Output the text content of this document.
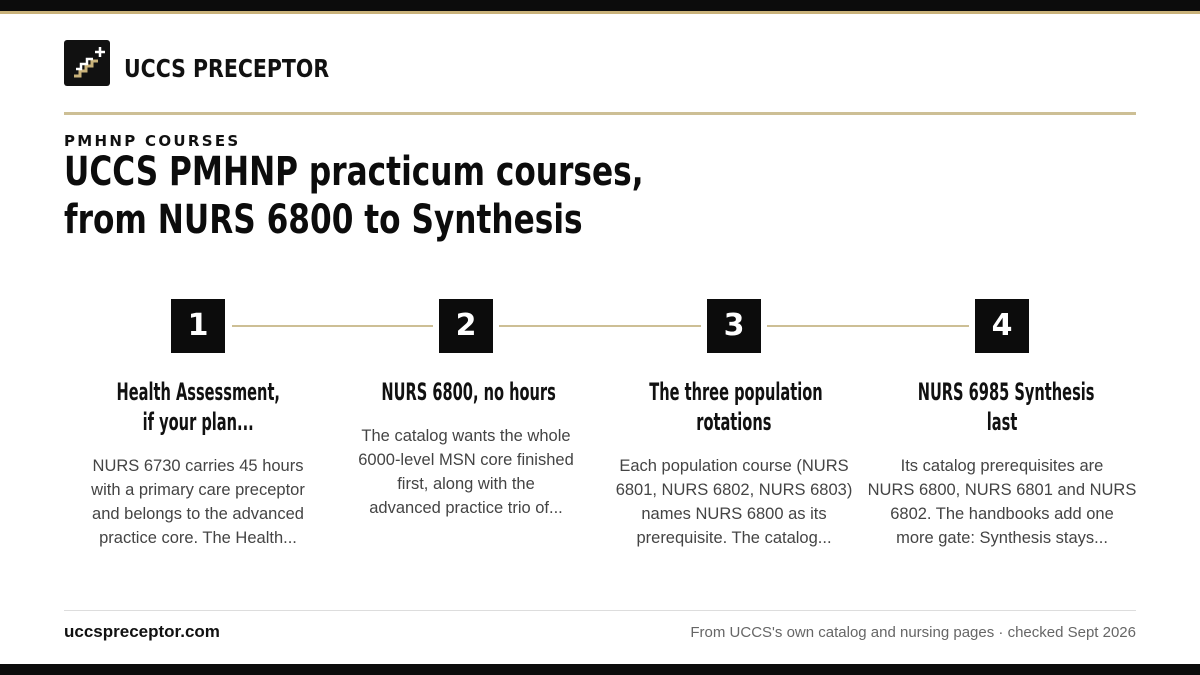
UCCS PRECEPTOR
PMHNP COURSES
UCCS PMHNP practicum courses,
from NURS 6800 to Synthesis
1
Health Assessment,
if your plan...
NURS 6730 carries 45 hours
with a primary care preceptor
and belongs to the advanced
practice core. The Health...
2
NURS 6800, no hours
The catalog wants the whole
6000-level MSN core finished
first, along with the
advanced practice trio of...
3
The three population
rotations
Each population course (NURS
6801, NURS 6802, NURS 6803)
names NURS 6800 as its
prerequisite. The catalog...
4
NURS 6985 Synthesis
last
Its catalog prerequisites are
NURS 6800, NURS 6801 and NURS
6802. The handbooks add one
more gate: Synthesis stays...
uccspreceptor.com	From UCCS's own catalog and nursing pages · checked Sept 2026
